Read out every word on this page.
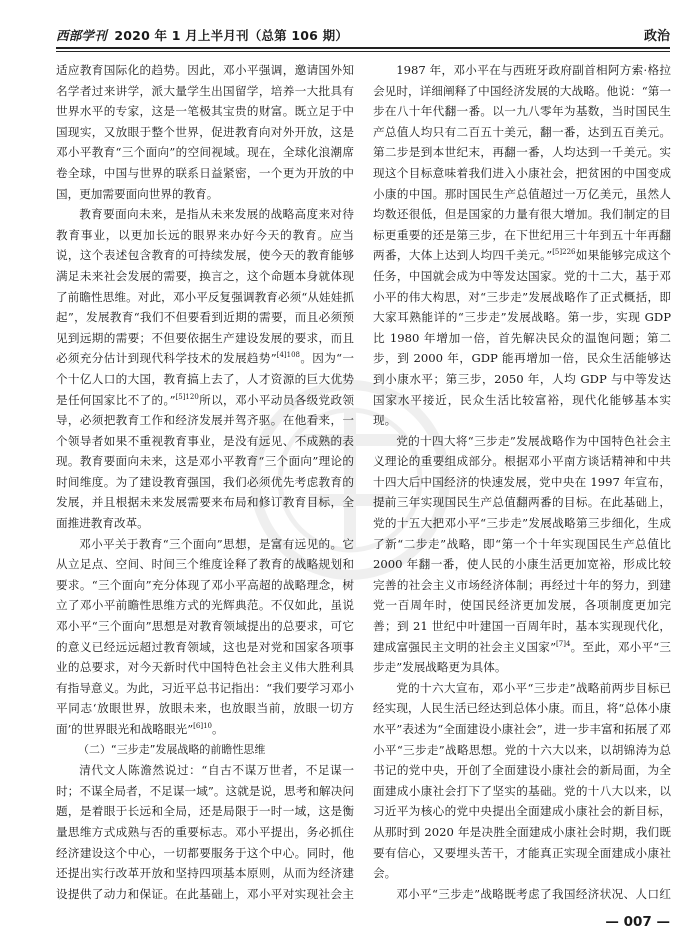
西部学刊 2020 年 1 月上半月刊（总第 106 期）	政治

适应教育国际化的趋势。因此，邓小平强调，邀请国外知名学者过来讲学，派大量学生出国留学，培养一大批具有世界水平的专家，这是一笔极其宝贵的财富。既立足于中国现实，又放眼于整个世界，促进教育向对外开放，这是邓小平教育“三个面向”的空间视域。现在，全球化浪潮席卷全球，中国与世界的联系日益紧密，一个更为开放的中国，更加需要面向世界的教育。

教育要面向未来，是指从未来发展的战略高度来对待教育事业，以更加长远的眼界来办好今天的教育。应当说，这个表述包含教育的可持续发展，使今天的教育能够满足未来社会发展的需要，换言之，这个命题本身就体现了前瞻性思维。对此，邓小平反复强调教育必须“从娃娃抓起”，发展教育“我们不但要看到近期的需要，而且必须预见到远期的需要；不但要依据生产建设发展的要求，而且必须充分估计到现代科学技术的发展趋势”$^{[4]108}$。因为“一个十亿人口的大国，教育搞上去了，人才资源的巨大优势是任何国家比不了的。”$^{[5]120}$所以，邓小平动员各级党政领导，必须把教育工作和经济发展并驾齐驱。在他看来，一个领导者如果不重视教育事业，是没有远见、不成熟的表现。教育要面向未来，这是邓小平教育“三个面向”理论的时间维度。为了建设教育强国，我们必须优先考虑教育的发展，并且根据未来发展需要来布局和修订教育目标，全面推进教育改革。

邓小平关于教育“三个面向”思想，是富有远见的。它从立足点、空间、时间三个维度诠释了教育的战略规划和要求。“三个面向”充分体现了邓小平高超的战略理念，树立了邓小平前瞻性思维方式的光辉典范。不仅如此，虽说邓小平“三个面向”思想是对教育领域提出的总要求，可它的意义已经远远超过教育领域，这也是对党和国家各项事业的总要求，对今天新时代中国特色社会主义伟大胜利具有指导意义。为此，习近平总书记指出：“我们要学习邓小平同志‘放眼世界，放眼未来，也放眼当前，放眼一切方面’的世界眼光和战略眼光”$^{[6]10}$。

（二）“三步走”发展战略的前瞻性思维

清代文人陈澹然说过：“自古不谋万世者，不足谋一时；不谋全局者，不足谋一域”。这就是说，思考和解决问题，是着眼于长远和全局，还是局限于一时一域，这是衡量思维方式成熟与否的重要标志。邓小平提出，务必抓住经济建设这个中心，一切都要服务于这个中心。同时，他还提出实行改革开放和坚持四项基本原则，从而为经济建设提供了动力和保证。在此基础上，邓小平对实现社会主

1987 年，邓小平在与西班牙政府副首相阿方索·格拉会见时，详细阐释了中国经济发展的大战略。他说：“第一步在八十年代翻一番。以一九八零年为基数，当时国民生产总值人均只有二百五十美元，翻一番，达到五百美元。第二步是到本世纪末，再翻一番，人均达到一千美元。实现这个目标意味着我们进入小康社会，把贫困的中国变成小康的中国。那时国民生产总值超过一万亿美元，虽然人均数还很低，但是国家的力量有很大增加。我们制定的目标更重要的还是第三步，在下世纪用三十年到五十年再翻两番，大体上达到人均四千美元。”$^{[5]226}$如果能够完成这个任务，中国就会成为中等发达国家。党的十二大，基于邓小平的伟大构思，对“三步走”发展战略作了正式概括，即大家耳熟能详的“三步走”发展战略。第一步，实现 GDP 比 1980 年增加一倍，首先解决民众的温饱问题；第二步，到 2000 年，GDP 能再增加一倍，民众生活能够达到小康水平；第三步，2050 年，人均 GDP 与中等发达国家水平接近，民众生活比较富裕，现代化能够基本实现。

党的十四大将“三步走”发展战略作为中国特色社会主义理论的重要组成部分。根据邓小平南方谈话精神和中共十四大后中国经济的快速发展，党中央在 1997 年宣布，提前三年实现国民生产总值翻两番的目标。在此基础上，党的十五大把邓小平“三步走”发展战略第三步细化，生成了新“二步走”战略，即“第一个十年实现国民生产总值比 2000 年翻一番，使人民的小康生活更加宽裕，形成比较完善的社会主义市场经济体制；再经过十年的努力，到建党一百周年时，使国民经济更加发展，各项制度更加完善；到 21 世纪中叶建国一百周年时，基本实现现代化，建成富强民主文明的社会主义国家”$^{[7]4}$。至此，邓小平“三步走”发展战略更为具体。

党的十六大宣布，邓小平“三步走”战略前两步目标已经实现，人民生活已经达到总体小康。而且，将“总体小康水平”表述为“全面建设小康社会”，进一步丰富和拓展了邓小平“三步走”战略思想。党的十六大以来，以胡锦涛为总书记的党中央，开创了全面建设小康社会的新局面，为全面建成小康社会打下了坚实的基础。党的十八大以来，以习近平为核心的党中央提出全面建成小康社会的新目标，从那时到 2020 年是决胜全面建成小康社会时期，我们既要有信心，又要埋头苦干，才能真正实现全面建成小康社会。

邓小平“三步走”战略既考虑了我国经济状况、人口红

— 007 —
